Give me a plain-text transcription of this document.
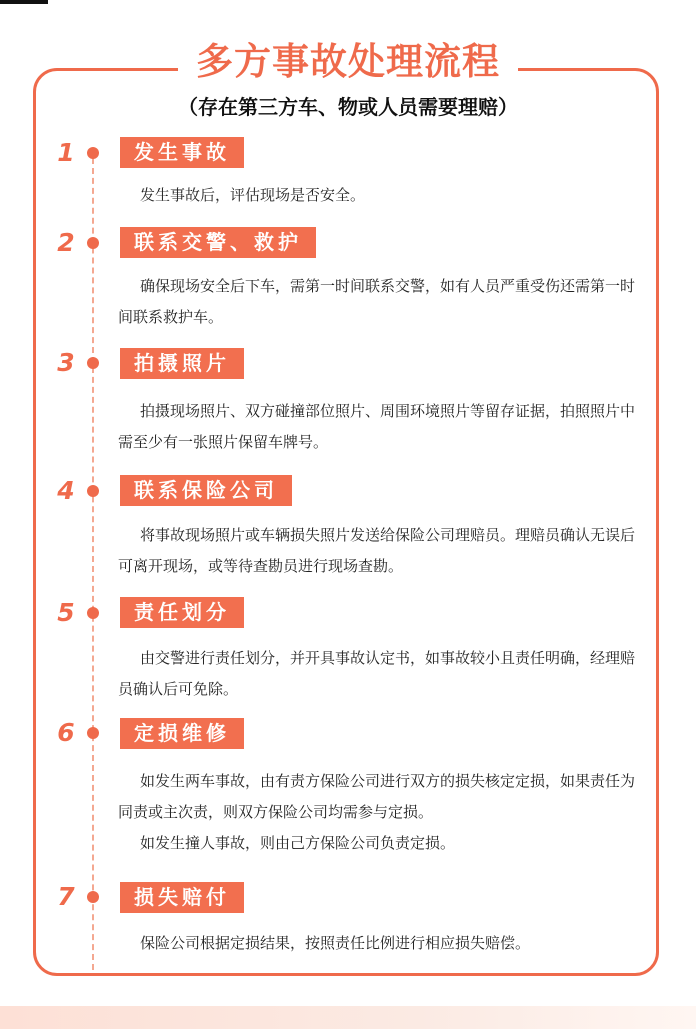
多方事故处理流程
（存在第三方车、物或人员需要理赔）
1	发生事故
发生事故后，评估现场是否安全。
2	联系交警、救护
确保现场安全后下车，需第一时间联系交警，如有人员严重受伤还需第一时间联系救护车。
3	拍摄照片
拍摄现场照片、双方碰撞部位照片、周围环境照片等留存证据，拍照照片中需至少有一张照片保留车牌号。
4	联系保险公司
将事故现场照片或车辆损失照片发送给保险公司理赔员。理赔员确认无误后可离开现场，或等待查勘员进行现场查勘。
5	责任划分
由交警进行责任划分，并开具事故认定书，如事故较小且责任明确，经理赔员确认后可免除。
6	定损维修
如发生两车事故，由有责方保险公司进行双方的损失核定定损，如果责任为同责或主次责，则双方保险公司均需参与定损。
如发生撞人事故，则由己方保险公司负责定损。
7	损失赔付
保险公司根据定损结果，按照责任比例进行相应损失赔偿。
